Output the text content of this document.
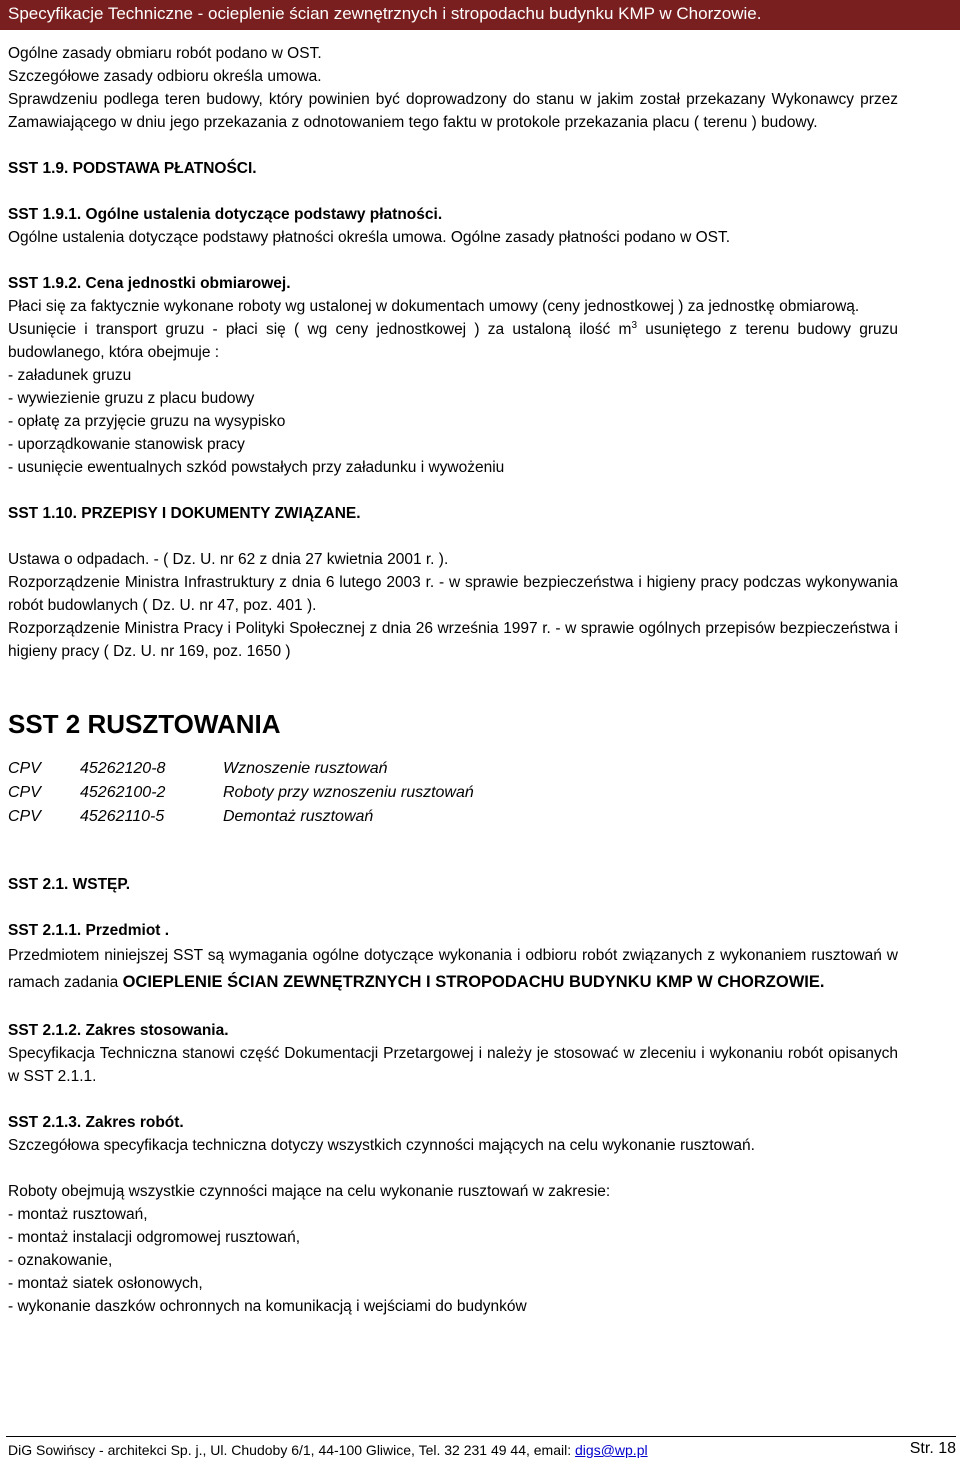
Specyfikacje Techniczne - ocieplenie ścian zewnętrznych i stropodachu budynku KMP w Chorzowie.

Ogólne zasady obmiaru robót podano w OST.

Szczegółowe zasady odbioru określa umowa.

Sprawdzeniu podlega teren budowy, który powinien być doprowadzony do stanu w jakim został przekazany Wykonawcy przez Zamawiającego w dniu jego przekazania z odnotowaniem tego faktu w protokole przekazania placu ( terenu ) budowy.

SST 1.9. PODSTAWA PŁATNOŚCI.

SST 1.9.1. Ogólne ustalenia dotyczące podstawy płatności.

Ogólne ustalenia dotyczące podstawy płatności określa umowa. Ogólne zasady płatności podano w OST.

SST 1.9.2. Cena jednostki obmiarowej.

Płaci się za faktycznie wykonane roboty wg ustalonej w dokumentach umowy (ceny jednostkowej ) za jednostkę obmiarową.

Usunięcie i transport gruzu - płaci się ( wg ceny jednostkowej ) za ustaloną ilość $m^3$ usuniętego z terenu budowy gruzu budowlanego, która obejmuje :

- załadunek gruzu

- wywiezienie gruzu z placu budowy

- opłatę za przyjęcie gruzu na wysypisko

- uporządkowanie stanowisk pracy

- usunięcie ewentualnych szkód powstałych przy załadunku i wywożeniu

SST 1.10. PRZEPISY I DOKUMENTY ZWIĄZANE.

Ustawa o odpadach. - ( Dz. U. nr 62 z dnia 27 kwietnia 2001 r. ).

Rozporządzenie Ministra Infrastruktury z dnia 6 lutego 2003 r. - w sprawie bezpieczeństwa i higieny pracy podczas wykonywania robót budowlanych ( Dz. U. nr 47, poz. 401 ).

Rozporządzenie Ministra Pracy i Polityki Społecznej z dnia 26 września 1997 r. - w sprawie ogólnych przepisów bezpieczeństwa i higieny pracy ( Dz. U. nr 169, poz. 1650 )

SST 2 RUSZTOWANIA
CPV	45262120-8	Wznoszenie rusztowań
CPV	45262100-2	Roboty przy wznoszeniu rusztowań
CPV	45262110-5	Demontaż rusztowań

SST 2.1. WSTĘP.

SST 2.1.1. Przedmiot .

Przedmiotem niniejszej SST są wymagania ogólne dotyczące wykonania i odbioru robót związanych z wykonaniem rusztowań w ramach zadania OCIEPLENIE ŚCIAN ZEWNĘTRZNYCH I STROPODACHU BUDYNKU KMP W CHORZOWIE.

SST 2.1.2. Zakres stosowania.

Specyfikacja Techniczna stanowi część Dokumentacji Przetargowej i należy je stosować w zleceniu i wykonaniu robót opisanych w SST 2.1.1.

SST 2.1.3. Zakres robót.

Szczegółowa specyfikacja techniczna dotyczy wszystkich czynności mających na celu wykonanie rusztowań.

Roboty obejmują wszystkie czynności mające na celu wykonanie rusztowań w zakresie:

- montaż rusztowań,

- montaż instalacji odgromowej rusztowań,

- oznakowanie,

- montaż siatek osłonowych,

- wykonanie daszków ochronnych na komunikacją i wejściami do budynków

DiG Sowińscy - architekci Sp. j., Ul. Chudoby 6/1, 44-100 Gliwice, Tel. 32 231 49 44, email: digs@wp.pl	Str. 18
